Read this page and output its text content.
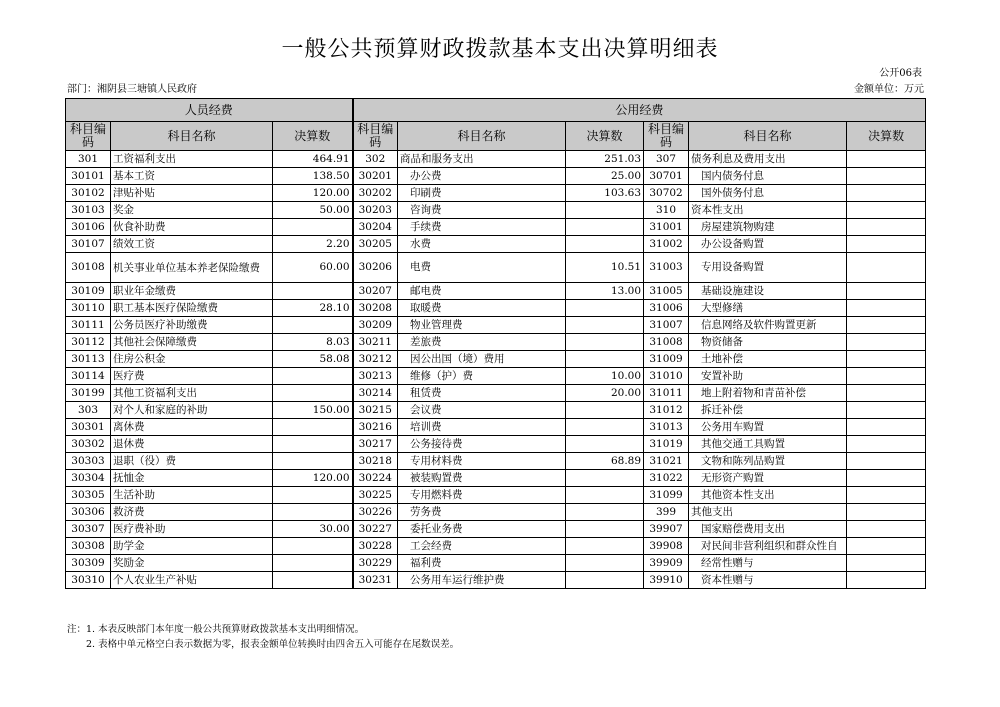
一般公共预算财政拨款基本支出决算明细表
公开06表
部门：湘阴县三塘镇人民政府	金额单位：万元
人员经费			公用经费					
科目编码	科目名称	决算数	科目编码	科目名称	决算数	科目编码	科目名称	决算数
301	工资福利支出	464.91	302	商品和服务支出	251.03	307	债务利息及费用支出	
30101	基本工资	138.50	30201	办公费	25.00	30701	国内债务付息	
30102	津贴补贴	120.00	30202	印刷费	103.63	30702	国外债务付息	
30103	奖金	50.00	30203	咨询费		310	资本性支出	
30106	伙食补助费		30204	手续费		31001	房屋建筑物购建	
30107	绩效工资	2.20	30205	水费		31002	办公设备购置	
30108	机关事业单位基本养老保险缴费	60.00	30206	电费	10.51	31003	专用设备购置	
30109	职业年金缴费		30207	邮电费	13.00	31005	基础设施建设	
30110	职工基本医疗保险缴费	28.10	30208	取暖费		31006	大型修缮	
30111	公务员医疗补助缴费		30209	物业管理费		31007	信息网络及软件购置更新	
30112	其他社会保障缴费	8.03	30211	差旅费		31008	物资储备	
30113	住房公积金	58.08	30212	因公出国（境）费用		31009	土地补偿	
30114	医疗费		30213	维修（护）费	10.00	31010	安置补助	
30199	其他工资福利支出		30214	租赁费	20.00	31011	地上附着物和青苗补偿	
303	对个人和家庭的补助	150.00	30215	会议费		31012	拆迁补偿	
30301	离休费		30216	培训费		31013	公务用车购置	
30302	退休费		30217	公务接待费		31019	其他交通工具购置	
30303	退职（役）费		30218	专用材料费	68.89	31021	文物和陈列品购置	
30304	抚恤金	120.00	30224	被装购置费		31022	无形资产购置	
30305	生活补助		30225	专用燃料费		31099	其他资本性支出	
30306	救济费		30226	劳务费		399	其他支出	
30307	医疗费补助	30.00	30227	委托业务费		39907	国家赔偿费用支出	
30308	助学金		30228	工会经费		39908	对民间非营利组织和群众性自	
30309	奖励金		30229	福利费		39909	经常性赠与	
30310	个人农业生产补贴		30231	公务用车运行维护费		39910	资本性赠与	
注：1. 本表反映部门本年度一般公共预算财政拨款基本支出明细情况。
2. 表格中单元格空白表示数据为零，报表金额单位转换时由四舍五入可能存在尾数误差。
